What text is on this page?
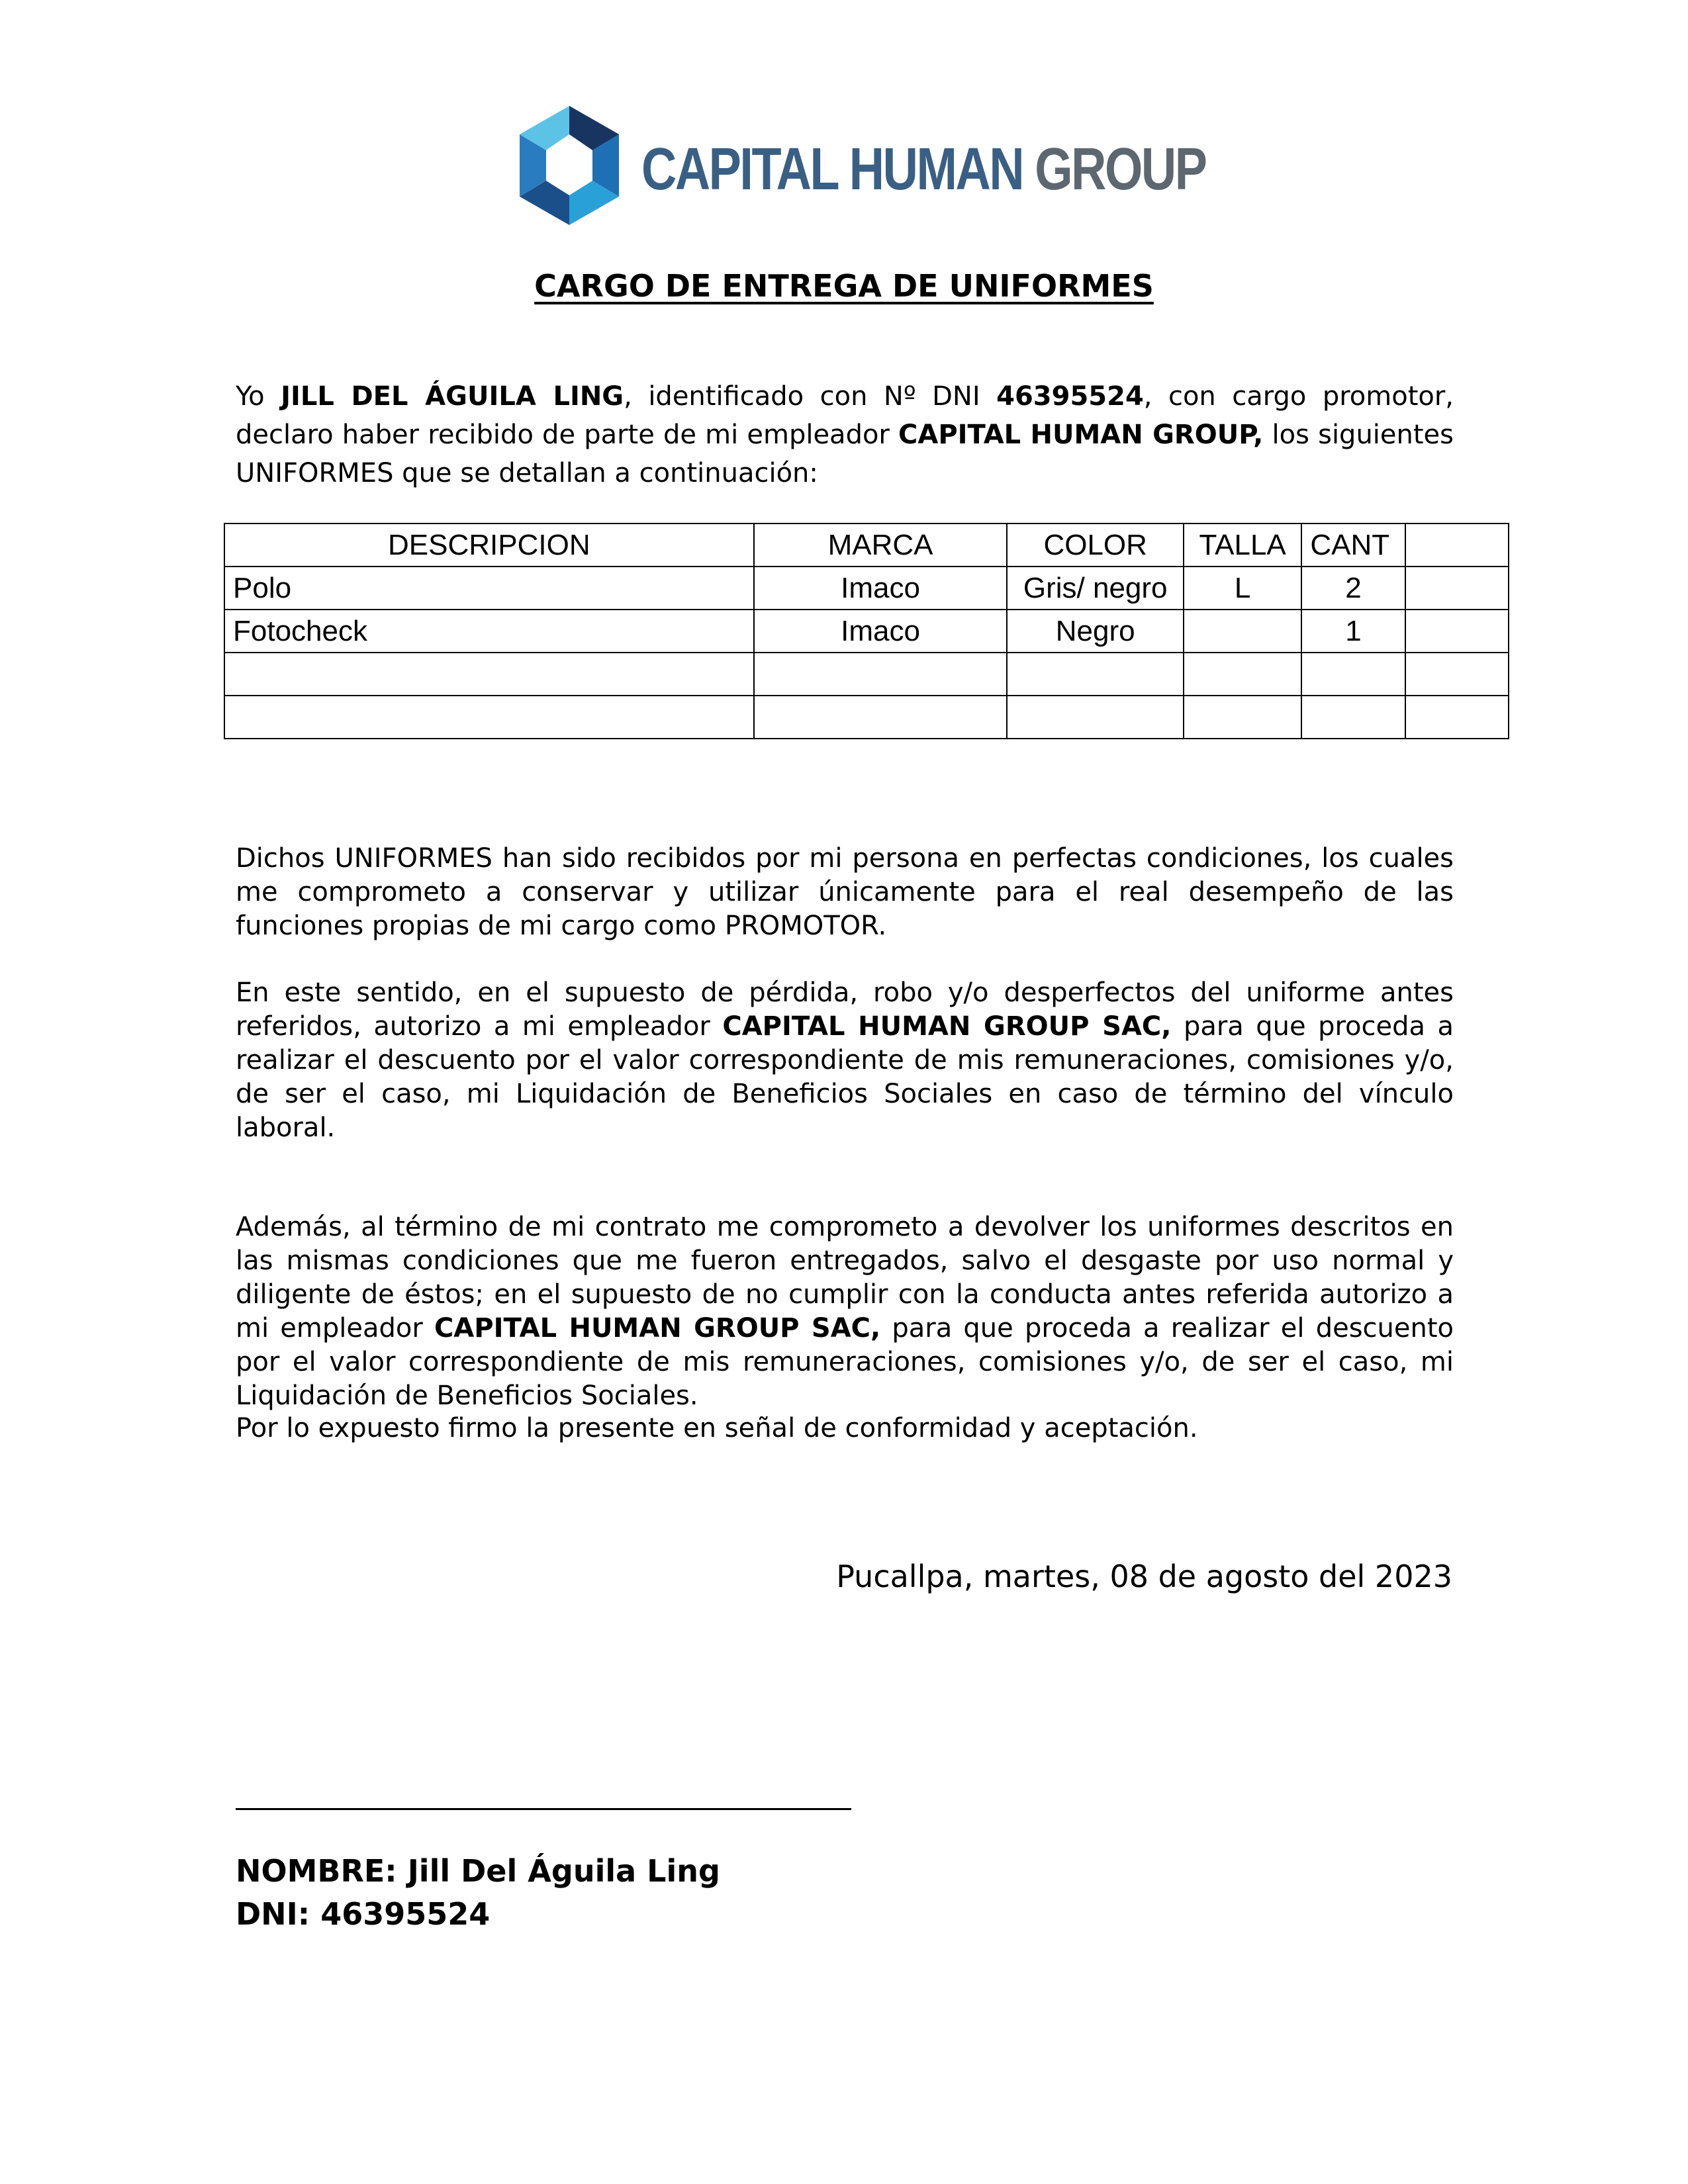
CAPITAL HUMAN GROUP
CARGO DE ENTREGA DE UNIFORMES

Yo JILL DEL ÁGUILA LING, identificado con Nº DNI 46395524, con cargo promotor, declaro haber recibido de parte de mi empleador CAPITAL HUMAN GROUP, los siguientes UNIFORMES que se detallan a continuación:

DESCRIPCION	MARCA	COLOR	TALLA	CANT	
Polo	Imaco	Gris/ negro	L	2	
Fotocheck	Imaco	Negro		1	

Dichos UNIFORMES han sido recibidos por mi persona en perfectas condiciones, los cuales me comprometo a conservar y utilizar únicamente para el real desempeño de las funciones propias de mi cargo como PROMOTOR.

En este sentido, en el supuesto de pérdida, robo y/o desperfectos del uniforme antes referidos, autorizo a mi empleador CAPITAL HUMAN GROUP SAC, para que proceda a realizar el descuento por el valor correspondiente de mis remuneraciones, comisiones y/o, de ser el caso, mi Liquidación de Beneficios Sociales en caso de término del vínculo laboral.

Además, al término de mi contrato me comprometo a devolver los uniformes descritos en las mismas condiciones que me fueron entregados, salvo el desgaste por uso normal y diligente de éstos; en el supuesto de no cumplir con la conducta antes referida autorizo a mi empleador CAPITAL HUMAN GROUP SAC, para que proceda a realizar el descuento por el valor correspondiente de mis remuneraciones, comisiones y/o, de ser el caso, mi Liquidación de Beneficios Sociales.

Por lo expuesto firmo la presente en señal de conformidad y aceptación.

Pucallpa, martes, 08 de agosto del 2023
NOMBRE: Jill Del Águila Ling
DNI: 46395524
